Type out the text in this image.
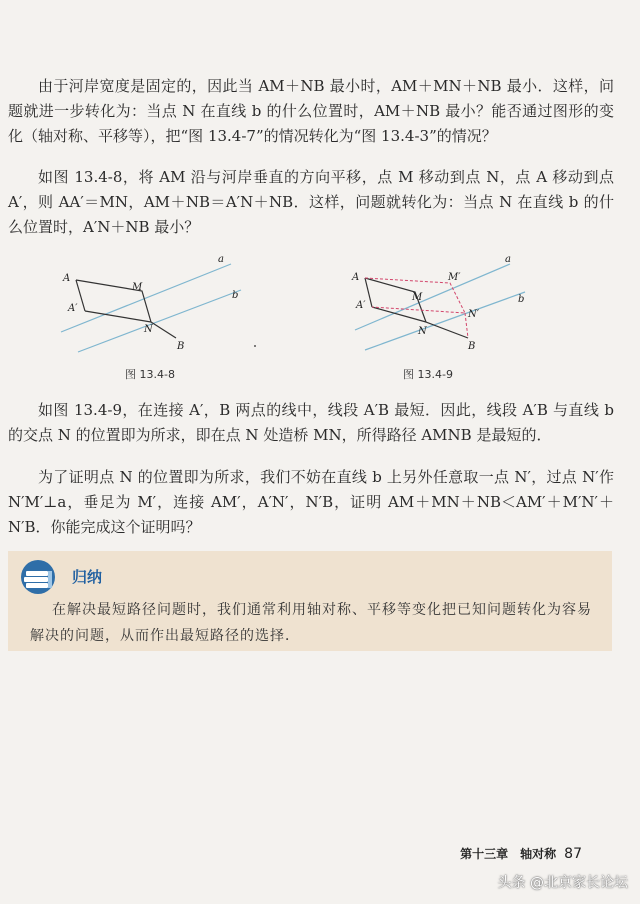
由于河岸宽度是固定的，因此当 AM＋NB 最小时，AM＋MN＋NB 最小．这样，问题就进一步转化为：当点 N 在直线 b 的什么位置时，AM＋NB 最小？能否通过图形的变化（轴对称、平移等），把“图 13.4-7”的情况转化为“图 13.4-3”的情况？

如图 13.4-8，将 AM 沿与河岸垂直的方向平移，点 M 移动到点 N，点 A 移动到点 A′，则 AA′＝MN，AM＋NB＝A′N＋NB．这样，问题就转化为：当点 N 在直线 b 的什么位置时，A′N＋NB 最小？

a
b
A
A′
M
N
B
图 13.4-8
a
b
A
A′
M
M′
N
N′
B
图 13.4-9

如图 13.4-9，在连接 A′，B 两点的线中，线段 A′B 最短．因此，线段 A′B 与直线 b 的交点 N 的位置即为所求，即在点 N 处造桥 MN，所得路径 AMNB 是最短的．

为了证明点 N 的位置即为所求，我们不妨在直线 b 上另外任意取一点 N′，过点 N′作 N′M′⊥a，垂足为 M′，连接 AM′，A′N′，N′B，证明 AM＋MN＋NB＜AM′＋M′N′＋N′B．你能完成这个证明吗？

归纳

在解决最短路径问题时，我们通常利用轴对称、平移等变化把已知问题转化为容易解决的问题，从而作出最短路径的选择．

第十三章　轴对称 87
头条 @北京家长论坛
